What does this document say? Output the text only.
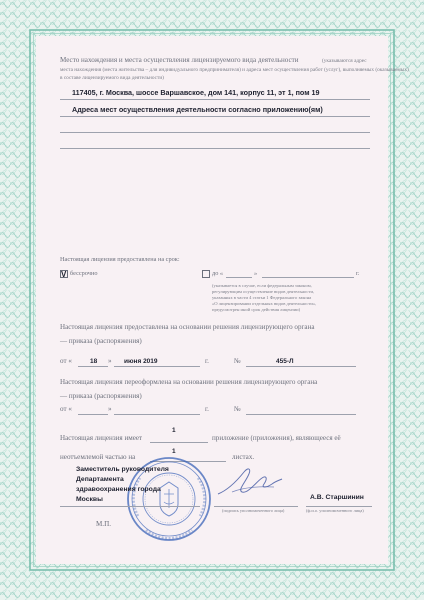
Место нахождения и места осуществления лицензируемого вида деятельности	(указываются адрес
места нахождения (места жительства – для индивидуального предпринимателя) и адреса мест осуществления работ (услуг), выполняемых (оказываемых)
в составе лицензируемого вида деятельности)
117405, г. Москва, шоссе Варшавское, дом 141, корпус 11, эт 1, пом 19
Адреса мест осуществления деятельности согласно приложению(ям)
Настоящая лицензия предоставлена на срок:
V бессрочно	до «	»	г.
(указывается в случае, если федеральным законом,
регулирующим осуществление видов деятельности,
указанных в части 4 статьи 1 Федерального закона
«О лицензировании отдельных видов деятельности»,
предусмотрен иной срок действия лицензии)
Настоящая лицензия предоставлена на основании решения лицензирующего органа
— приказа (распоряжения)
от «	18 » июня 2019	г.	№	455-Л
Настоящая лицензия переоформлена на основании решения лицензирующего органа
— приказа (распоряжения)
от «	»	г.	№
Настоящая лицензия имеет
1
приложение (приложения), являющееся её
неотъемлемой частью на
1
листах.
Заместитель руководителя
Департамента
здравоохранения города
Москвы
(подпись уполномоченного лица)
А.В. Старшинин
(ф.и.о. уполномоченного лица)
М.П.
